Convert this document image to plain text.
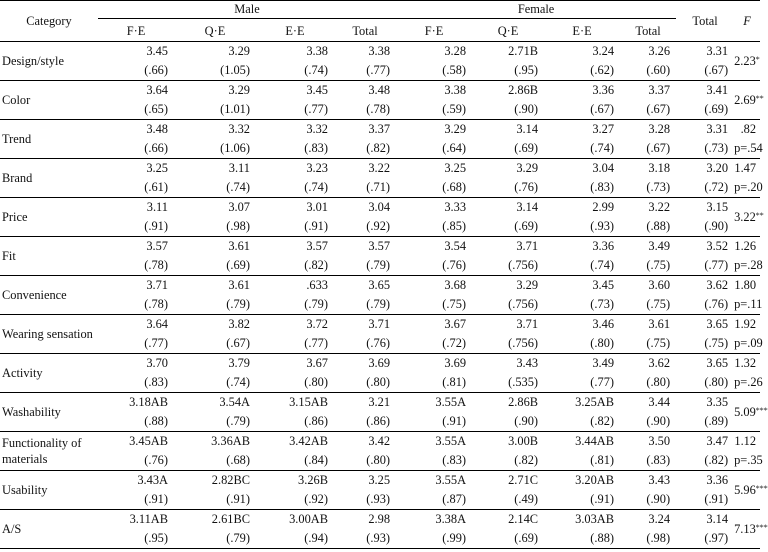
Category	Male				Female				Total	F	
	F·E	Q·E	E·E	Total	F·E	Q·E	E·E	Total			
Design/style	3.45	3.29	3.38	3.38	3.28	2.71B	3.24	3.26	3.31	2.23*	
	(.66)	(1.05)	(.74)	(.77)	(.58)	(.95)	(.62)	(.60)	(.67)		
Color	3.64	3.29	3.45	3.48	3.38	2.86B	3.36	3.37	3.41	2.69**	
	(.65)	(1.01)	(.77)	(.78)	(.59)	(.90)	(.67)	(.67)	(.69)		
Trend	3.48	3.32	3.32	3.37	3.29	3.14	3.27	3.28	3.31	.82	
	(.66)	(1.06)	(.83)	(.82)	(.64)	(.69)	(.74)	(.67)	(.73)	p=.54	
Brand	3.25	3.11	3.23	3.22	3.25	3.29	3.04	3.18	3.20	1.47	
	(.61)	(.74)	(.74)	(.71)	(.68)	(.76)	(.83)	(.73)	(.72)	p=.20	
Price	3.11	3.07	3.01	3.04	3.33	3.14	2.99	3.22	3.15	3.22**	
	(.91)	(.98)	(.91)	(.92)	(.85)	(.69)	(.93)	(.88)	(.90)		
Fit	3.57	3.61	3.57	3.57	3.54	3.71	3.36	3.49	3.52	1.26	
	(.78)	(.69)	(.82)	(.79)	(.76)	(.756)	(.74)	(.75)	(.77)	p=.28	
Convenience	3.71	3.61	.633	3.65	3.68	3.29	3.45	3.60	3.62	1.80	
	(.78)	(.79)	(.79)	(.79)	(.75)	(.756)	(.73)	(.75)	(.76)	p=.11	
Wearing sensation	3.64	3.82	3.72	3.71	3.67	3.71	3.46	3.61	3.65	1.92	
	(.77)	(.67)	(.77)	(.76)	(.72)	(.756)	(.80)	(.75)	(.75)	p=.09	
Activity	3.70	3.79	3.67	3.69	3.69	3.43	3.49	3.62	3.65	1.32	
	(.83)	(.74)	(.80)	(.80)	(.81)	(.535)	(.77)	(.80)	(.80)	p=.26	
Washability	3.18AB	3.54A	3.15AB	3.21	3.55A	2.86B	3.25AB	3.44	3.35	5.09***	
	(.88)	(.79)	(.86)	(.86)	(.91)	(.90)	(.82)	(.90)	(.89)		
Functionality of materials	3.45AB	3.36AB	3.42AB	3.42	3.55A	3.00B	3.44AB	3.50	3.47	1.12	
	(.76)	(.68)	(.84)	(.80)	(.83)	(.82)	(.81)	(.83)	(.82)	p=.35	
Usability	3.43A	2.82BC	3.26B	3.25	3.55A	2.71C	3.20AB	3.43	3.36	5.96***	
	(.91)	(.91)	(.92)	(.93)	(.87)	(.49)	(.91)	(.90)	(.91)		
A/S	3.11AB	2.61BC	3.00AB	2.98	3.38A	2.14C	3.03AB	3.24	3.14	7.13***	
	(.95)	(.79)	(.94)	(.93)	(.99)	(.69)	(.88)	(.98)	(.97)		
